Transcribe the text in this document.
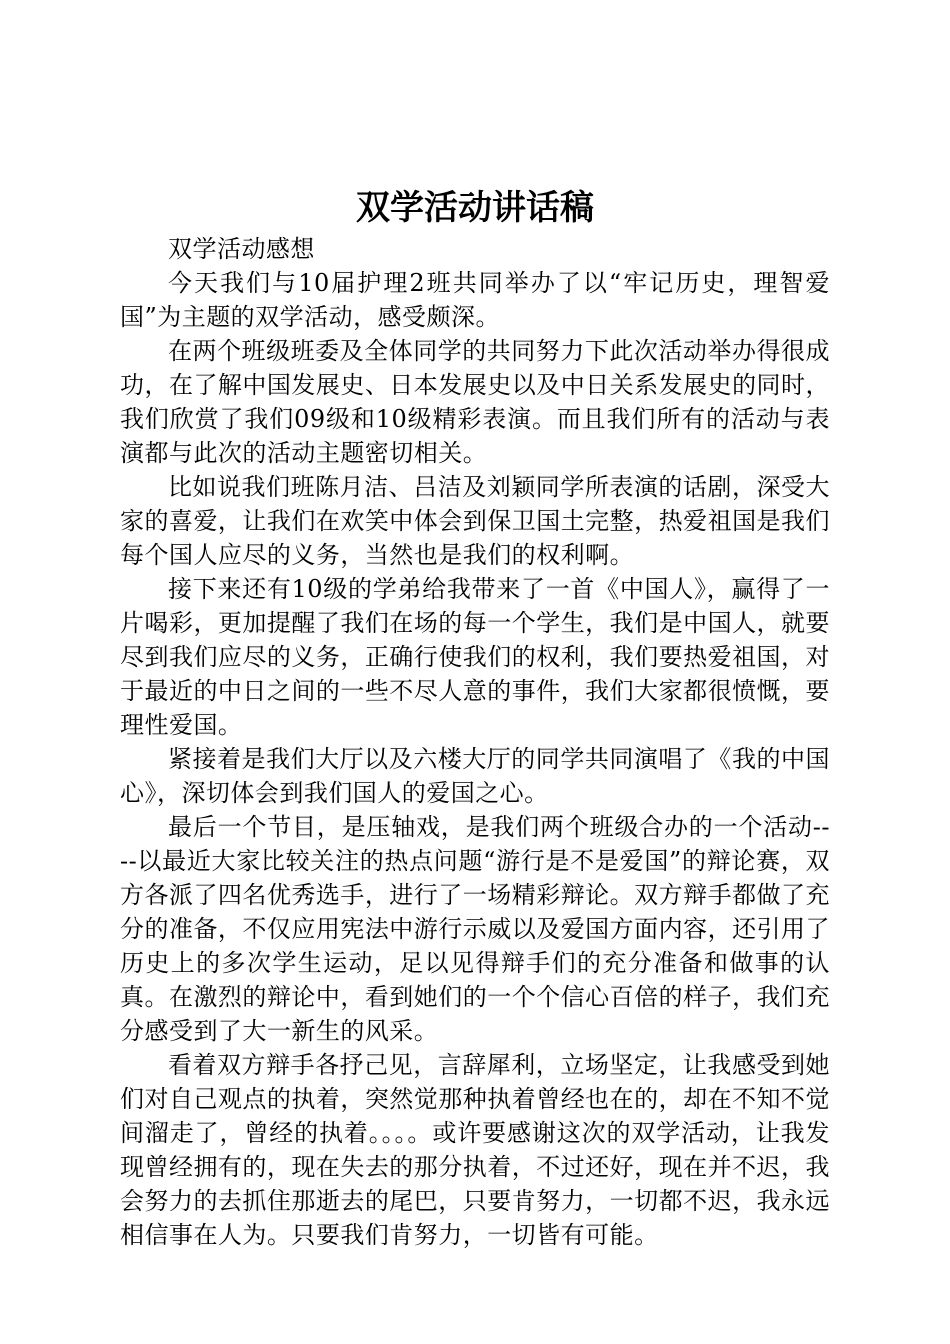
双学活动讲话稿

双学活动感想

今天我们与10届护理2班共同举办了以“牢记历史，理智爱国”为主题的双学活动，感受颇深。

在两个班级班委及全体同学的共同努力下此次活动举办得很成功，在了解中国发展史、日本发展史以及中日关系发展史的同时，我们欣赏了我们09级和10级精彩表演。而且我们所有的活动与表演都与此次的活动主题密切相关。

比如说我们班陈月洁、吕洁及刘颖同学所表演的话剧，深受大家的喜爱，让我们在欢笑中体会到保卫国土完整，热爱祖国是我们每个国人应尽的义务，当然也是我们的权利啊。

接下来还有10级的学弟给我带来了一首《中国人》，赢得了一片喝彩，更加提醒了我们在场的每一个学生，我们是中国人，就要尽到我们应尽的义务，正确行使我们的权利，我们要热爱祖国，对于最近的中日之间的一些不尽人意的事件，我们大家都很愤慨，要理性爱国。

紧接着是我们大厅以及六楼大厅的同学共同演唱了《我的中国心》，深切体会到我们国人的爱国之心。

最后一个节目，是压轴戏，是我们两个班级合办的一个活动----以最近大家比较关注的热点问题“游行是不是爱国”的辩论赛，双方各派了四名优秀选手，进行了一场精彩辩论。双方辩手都做了充分的准备，不仅应用宪法中游行示威以及爱国方面内容，还引用了历史上的多次学生运动，足以见得辩手们的充分准备和做事的认真。在激烈的辩论中，看到她们的一个个信心百倍的样子，我们充分感受到了大一新生的风采。

看着双方辩手各抒己见，言辞犀利，立场坚定，让我感受到她们对自己观点的执着，突然觉那种执着曾经也在的，却在不知不觉间溜走了，曾经的执着。。。。或许要感谢这次的双学活动，让我发现曾经拥有的，现在失去的那分执着，不过还好，现在并不迟，我会努力的去抓住那逝去的尾巴，只要肯努力，一切都不迟，我永远相信事在人为。只要我们肯努力，一切皆有可能。
